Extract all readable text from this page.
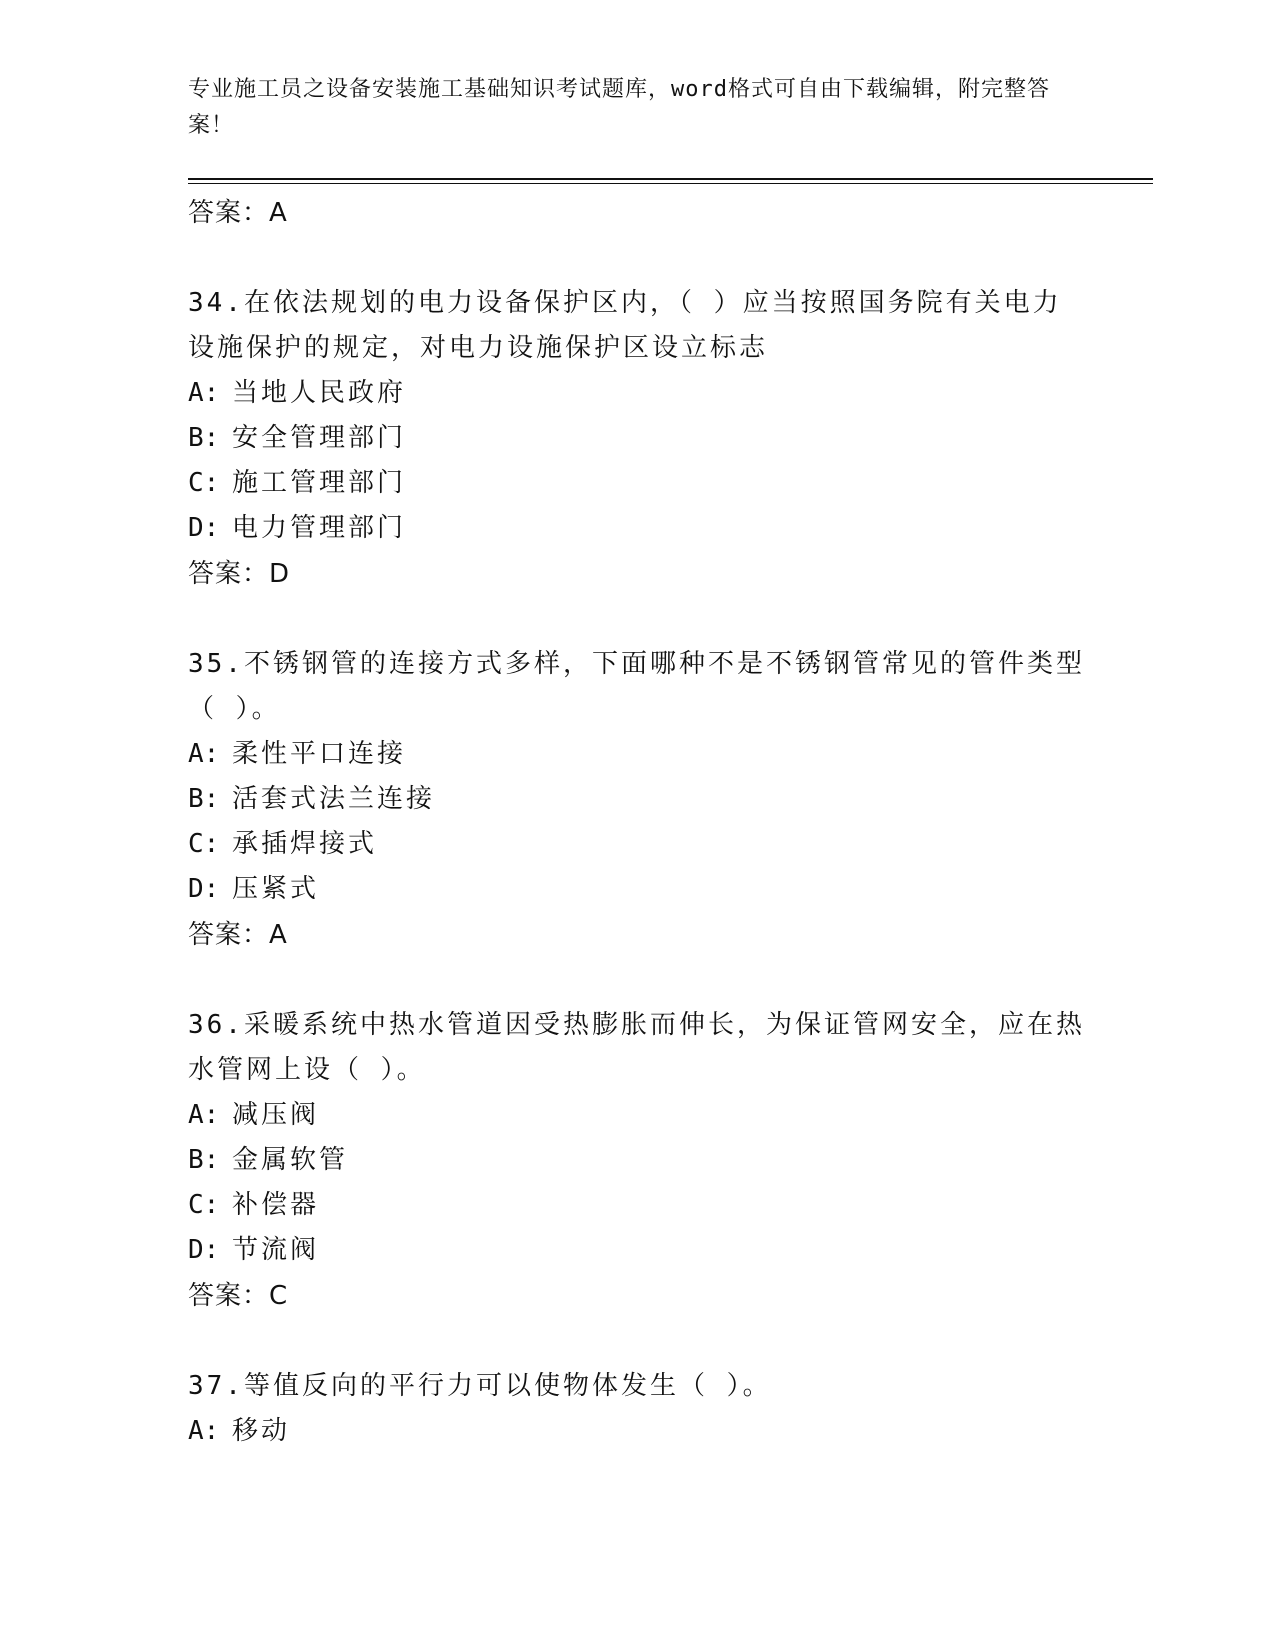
专业施工员之设备安装施工基础知识考试题库，word格式可自由下载编辑，附完整答案！
答案：A
34.在依法规划的电力设备保护区内，（ ）应当按照国务院有关电力设施保护的规定，对电力设施保护区设立标志
A: 当地人民政府
B: 安全管理部门
C: 施工管理部门
D: 电力管理部门
答案：D
35.不锈钢管的连接方式多样，下面哪种不是不锈钢管常见的管件类型（ ）。
A: 柔性平口连接
B: 活套式法兰连接
C: 承插焊接式
D: 压紧式
答案：A
36.采暖系统中热水管道因受热膨胀而伸长，为保证管网安全，应在热水管网上设（ ）。
A: 减压阀
B: 金属软管
C: 补偿器
D: 节流阀
答案：C
37.等值反向的平行力可以使物体发生（ ）。
A: 移动
